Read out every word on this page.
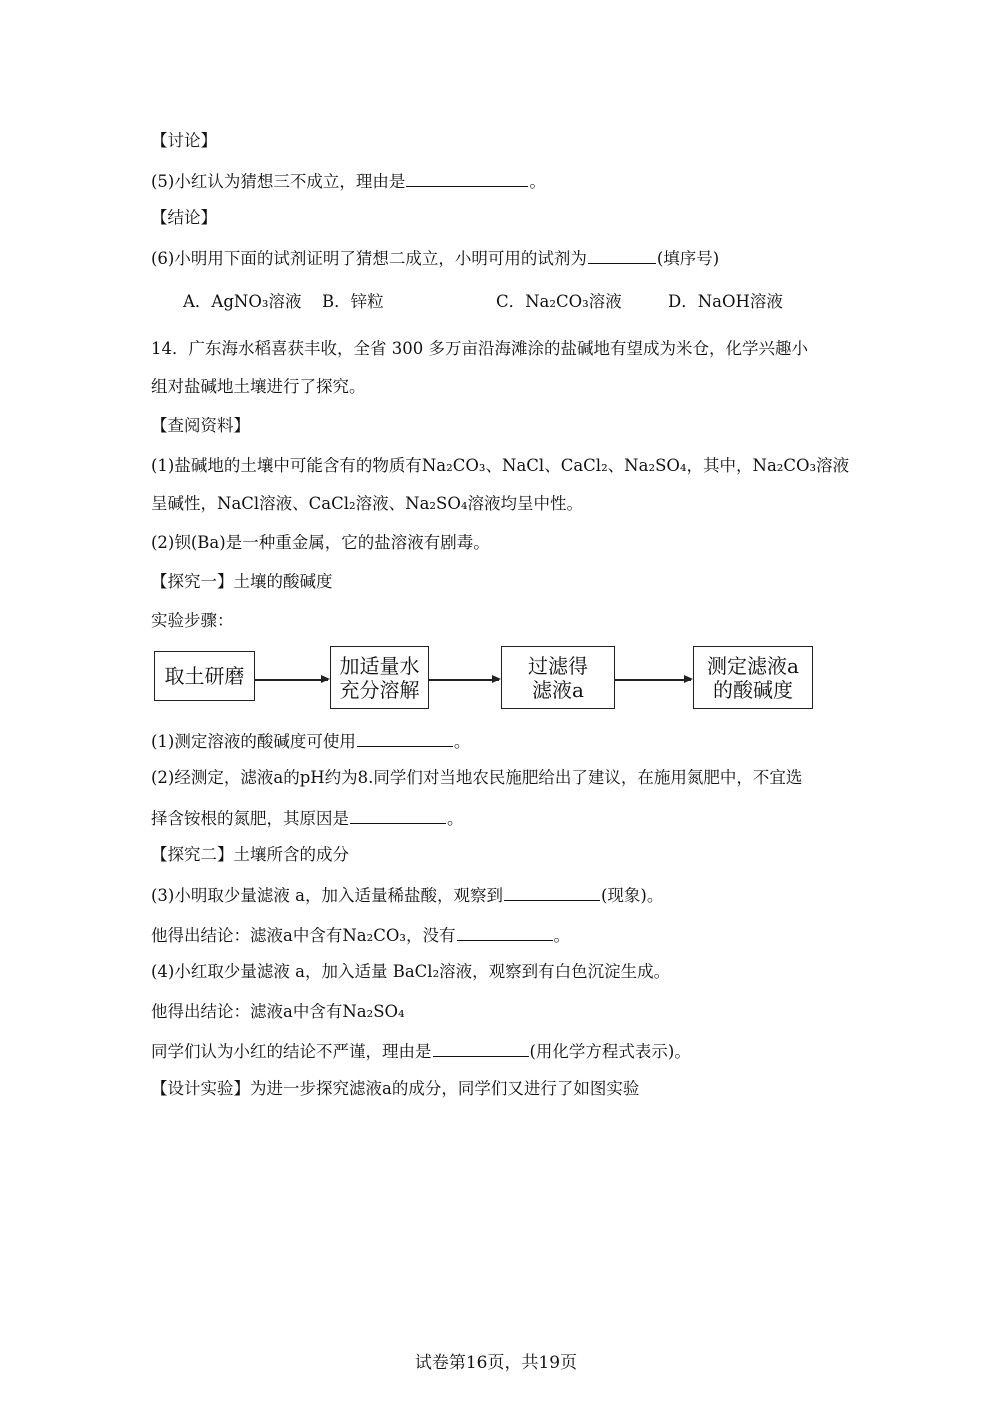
【讨论】
(5)小红认为猜想三不成立，理由是	。
【结论】
(6)小明用下面的试剂证明了猜想二成立，小明可用的试剂为	(填序号)
A．AgNO₃溶液 B．锌粒	C．Na₂CO₃溶液	D．NaOH溶液
14．广东海水稻喜获丰收，全省 300 多万亩沿海滩涂的盐碱地有望成为米仓，化学兴趣小
组对盐碱地土壤进行了探究。
【查阅资料】
(1)盐碱地的土壤中可能含有的物质有Na₂CO₃、NaCl、CaCl₂、Na₂SO₄，其中，Na₂CO₃溶液
呈碱性，NaCl溶液、CaCl₂溶液、Na₂SO₄溶液均呈中性。
(2)钡(Ba)是一种重金属，它的盐溶液有剧毒。
【探究一】土壤的酸碱度
实验步骤：
取土研磨	加适量水
充分溶解
过滤得
滤液a
测定滤液a
的酸碱度
(1)测定溶液的酸碱度可使用	。
(2)经测定，滤液a的pH约为8.同学们对当地农民施肥给出了建议，在施用氮肥中，不宜选
择含铵根的氮肥，其原因是	。
【探究二】土壤所含的成分
(3)小明取少量滤液 a，加入适量稀盐酸，观察到	(现象)。
他得出结论：滤液a中含有Na₂CO₃，没有	。
(4)小红取少量滤液 a，加入适量 BaCl₂溶液，观察到有白色沉淀生成。
他得出结论：滤液a中含有Na₂SO₄
同学们认为小红的结论不严谨，理由是	(用化学方程式表示)。
【设计实验】为进一步探究滤液a的成分，同学们又进行了如图实验
试卷第16页，共19页
